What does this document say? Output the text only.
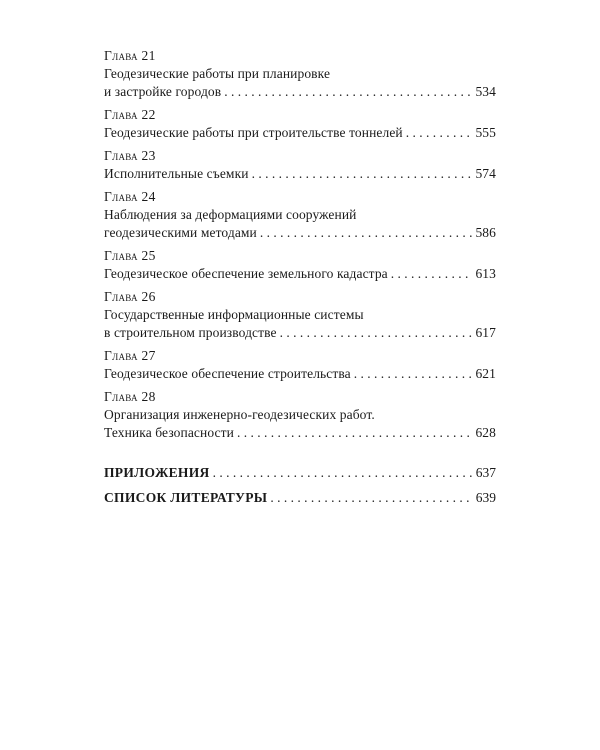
Глава 21
Геодезические работы при планировке
и застройке городов . . .	534
Глава 22
Геодезические работы при строительстве тоннелей . . .	555
Глава 23
Исполнительные съемки . . .	574
Глава 24
Наблюдения за деформациями сооружений
геодезическими методами . . .	586
Глава 25
Геодезическое обеспечение земельного кадастра . . .	613
Глава 26
Государственные информационные системы
в строительном производстве . . .	617
Глава 27
Геодезическое обеспечение строительства . . .	621
Глава 28
Организация инженерно-геодезических работ.
Техника безопасности . . .	628
ПРИЛОЖЕНИЯ . . .	637
СПИСОК ЛИТЕРАТУРЫ . . .	639
